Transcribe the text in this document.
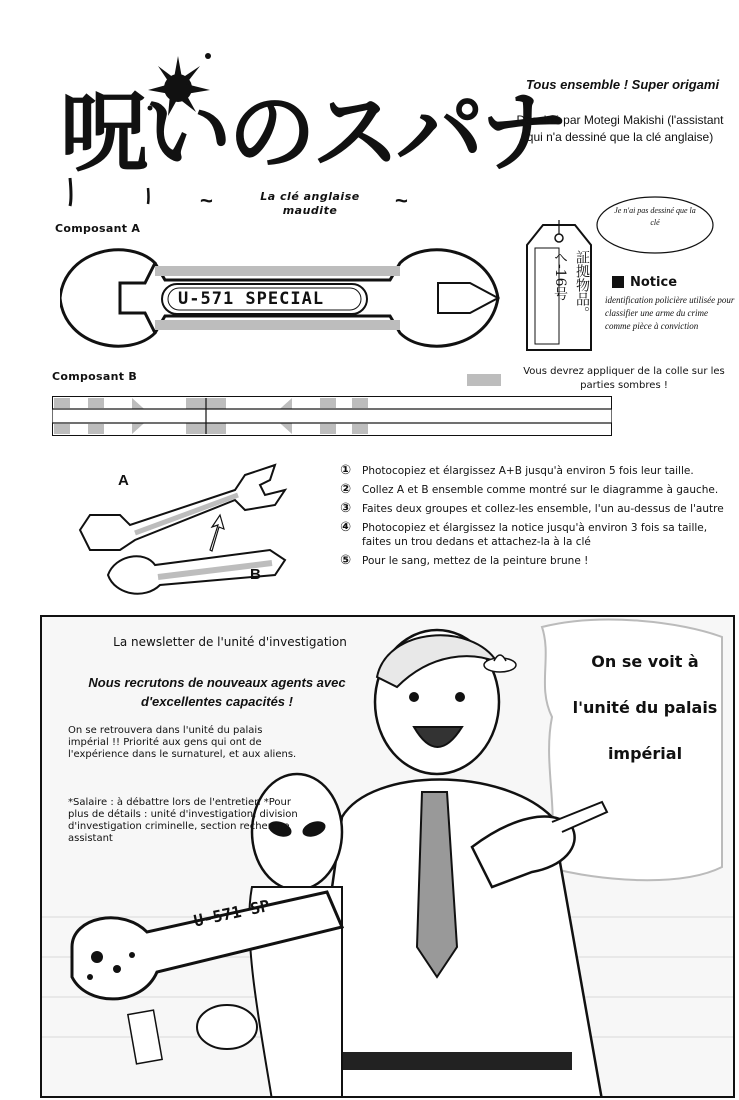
呪いのスパナ
~	La clé anglaise maudite	~
Tous ensemble ! Super origami
Dessiné par Motegi Makishi (l'assistant qui n'a dessiné que la clé anglaise)
Composant A
U-571 SPECIAL	証拠物品。へ-16号
Je n'ai pas dessiné que la clé
Notice
identification policière utilisée pour classifier une arme du crime comme pièce à conviction
Composant B	Vous devrez appliquer de la colle sur les parties sombres !
A
B
①	Photocopiez et élargissez A+B jusqu'à environ 5 fois leur taille.
②	Collez A et B ensemble comme montré sur le diagramme à gauche.
③	Faites deux groupes et collez-les ensemble, l'un au-dessus de l'autre
④	Photocopiez et élargissez la notice jusqu'à environ 3 fois sa taille, faites un trou dedans et attachez-la à la clé
⑤	Pour le sang, mettez de la peinture brune !
La newsletter de l'unité d'investigation
Nous recrutons de nouveaux agents avec d'excellentes capacités !
On se retrouvera dans l'unité du palais impérial !! Priorité aux gens qui ont de l'expérience dans le surnaturel, et aux aliens.
*Salaire : à débattre lors de l'entretien *Pour plus de détails : unité d'investigation, division d'investigation criminelle, section recherche assistant
On se voit à l'unité du palais impérial
U-571 SP
